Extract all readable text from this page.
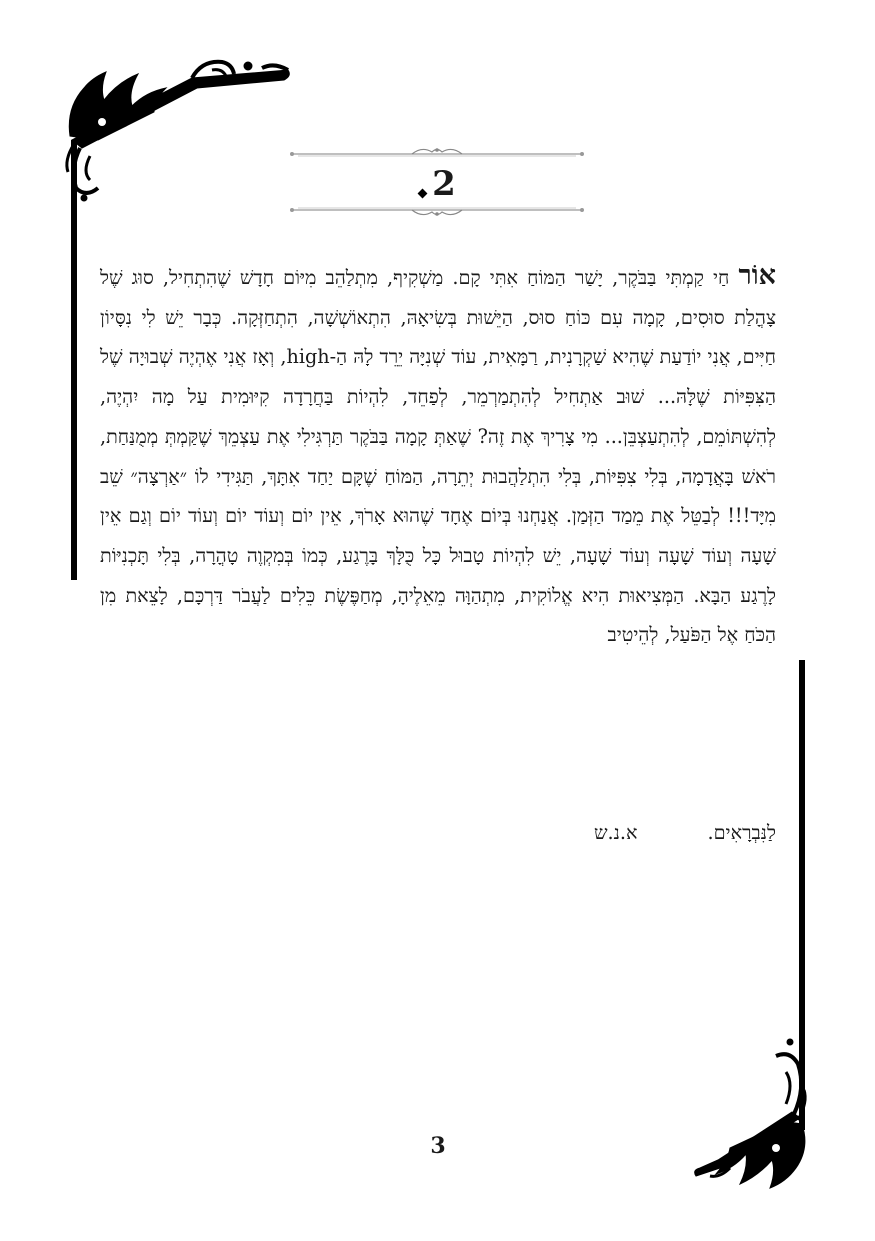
2
אוֹר חַי קַמְתִּי בַּבֹּקֶר, יָשַׁר הַמּוֹחַ אִתִּי קָם. מַשְׁקִיף, מִתְלַהֵב מִיּוֹם חָדָשׁ שֶׁהִתְחִיל, סוּג שֶׁל צָהֳלַת סוּסִים, קָמָה עִם כּוֹחַ סוּס, הַיֵּשׁוּת בְּשִׂיאָהּ, הִתְאוֹשְׁשָׁה, הִתְחַזְּקָה. כְּבָר יֵשׁ לִי נִסָּיוֹן חַיִּים, אֲנִי יוֹדַעַת שֶׁהִיא שַׁקְרָנִית, רַמָּאִית, עוֹד שְׁנִיָּה יֵרֵד לָהּ הַ-high, וְאָז אֲנִי אֶהְיֶה שְׁבוּיָה שֶׁל הַצִּפִּיּוֹת שֶׁלָּהּ... שׁוּב אַתְחִיל לְהִתְמַרְמֵר, לְפַחֵד, לִהְיוֹת בַּחֲרָדָה קִיּוּמִית עַל מָה יִהְיֶה, לְהִשְׁתּוֹמֵם, לְהִתְעַצְבֵּן... מִי צָרִיךְ אֶת זֶה? שֶׁאַתְּ קָמָה בַּבֹּקֶר תַּרְגִּילִי אֶת עַצְמֵךְ שֶׁקַּמְתְּ מְמֻנַּחַת, רֹאשׁ בָּאֲדָמָה, בְּלִי צִפִּיּוֹת, בְּלִי הִתְלַהֲבוּת יְתֵרָה, הַמּוֹחַ שֶׁקָּם יַחַד אִתָּךְ, תַּגִּידִי לוֹ ״אַרְצָה״ שֵׁב מִיָּד!!! לְבַטֵּל אֶת מֵמַד הַזְּמַן. אֲנַחְנוּ בְּיוֹם אֶחָד שֶׁהוּא אָרֹךְ, אֵין יוֹם וְעוֹד יוֹם וְעוֹד יוֹם וְגַם אֵין שָׁעָה וְעוֹד שָׁעָה וְעוֹד שָׁעָה, יֵשׁ לִהְיוֹת טָבוּל כָּל כֻּלָּךְ בָּרֶגַע, כְּמוֹ בְּמִקְוֶה טָהֳרָה, בְּלִי תָּכְנִיּוֹת לָרֶגַע הַבָּא. הַמְּצִיאוּת הִיא אֱלוֹקִית, מִתְהַוָּה מֵאֵלֶיהָ, מְחַפֶּשֶׂת כֵּלִים לַעֲבֹר דַּרְכָּם, לָצֵאת מִן הַכֹּחַ אֶל הַפֹּעַל, לְהֵיטִיב
לַנִּבְרָאִים.א.נ.ש
3
